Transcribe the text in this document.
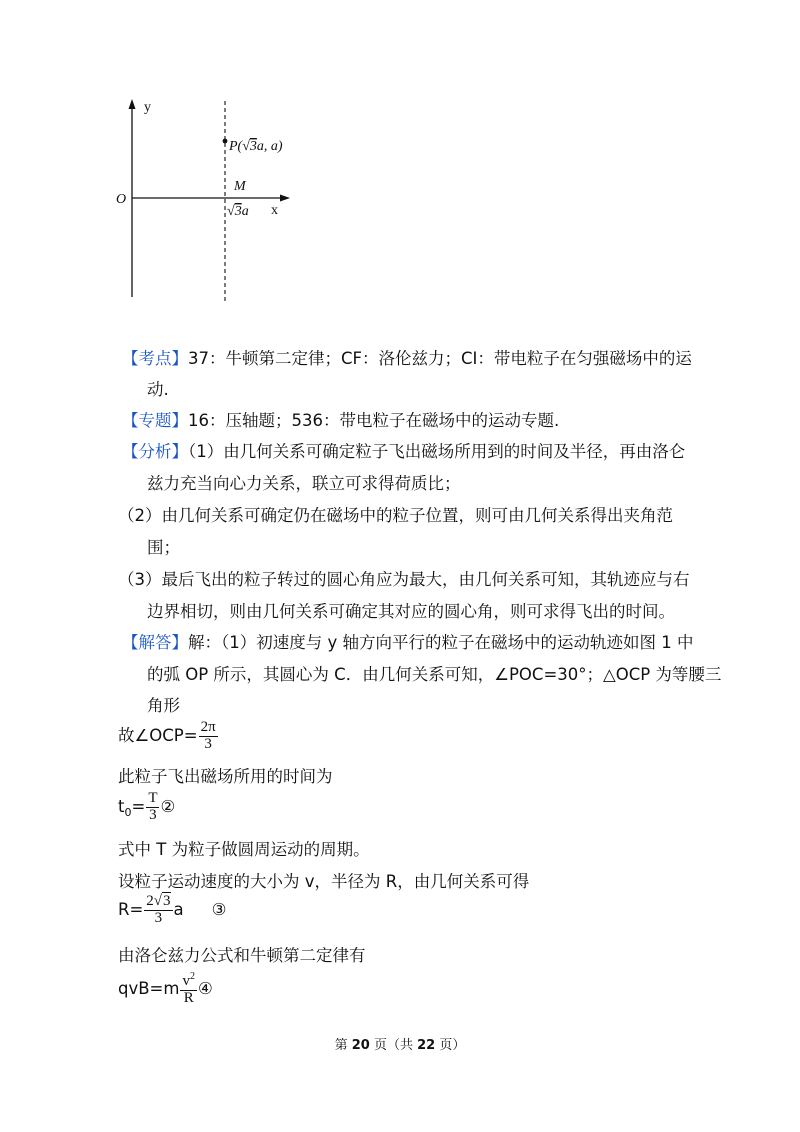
y
x
O
P(√3a, a)
M
√3a
【考点】37：牛顿第二定律；CF：洛伦兹力；CI：带电粒子在匀强磁场中的运
动.
【专题】16：压轴题；536：带电粒子在磁场中的运动专题.
【分析】（1）由几何关系可确定粒子飞出磁场所用到的时间及半径，再由洛仑
兹力充当向心力关系，联立可求得荷质比；
（2）由几何关系可确定仍在磁场中的粒子位置，则可由几何关系得出夹角范
围；
（3）最后飞出的粒子转过的圆心角应为最大，由几何关系可知，其轨迹应与右
边界相切，则由几何关系可确定其对应的圆心角，则可求得飞出的时间。
【解答】解：（1）初速度与 y 轴方向平行的粒子在磁场中的运动轨迹如图 1 中
的弧 OP 所示，其圆心为 C．由几何关系可知，∠POC=30°；△OCP 为等腰三
角形
故∠OCP= $\frac{2\pi}{3}$
此粒子飞出磁场所用的时间为
$t_0= \frac{T}{3}$ ②
式中 T 为粒子做圆周运动的周期。
设粒子运动速度的大小为 v，半径为 R，由几何关系可得
$R= \frac{2√3}{3}$ a ③
由洛仑兹力公式和牛顿第二定律有
$qvB=m \frac{v^2}{R}$ ④
第 20 页（共 22 页）
